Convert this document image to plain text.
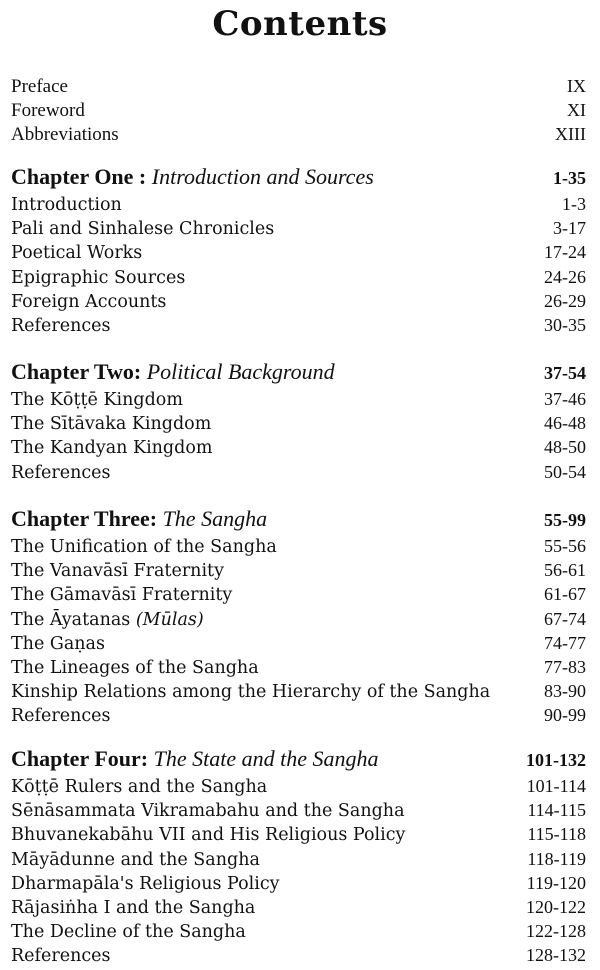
Contents
Preface	IX
Foreword	XI
Abbreviations	XIII
Chapter One : Introduction and Sources	1-35
Introduction	1-3
Pali and Sinhalese Chronicles	3-17
Poetical Works	17-24
Epigraphic Sources	24-26
Foreign Accounts	26-29
References	30-35
Chapter Two: Political Background	37-54
The Kōṭṭē Kingdom	37-46
The Sītāvaka Kingdom	46-48
The Kandyan Kingdom	48-50
References	50-54
Chapter Three: The Sangha	55-99
The Unification of the Sangha	55-56
The Vanavāsī Fraternity	56-61
The Gāmavāsī Fraternity	61-67
The Āyatanas (Mūlas)	67-74
The Gaṇas	74-77
The Lineages of the Sangha	77-83
Kinship Relations among the Hierarchy of the Sangha	83-90
References	90-99
Chapter Four: The State and the Sangha	101-132
Kōṭṭē Rulers and the Sangha	101-114
Sēnāsammata Vikramabahu and the Sangha	114-115
Bhuvanekabāhu VII and His Religious Policy	115-118
Māyādunne and the Sangha	118-119
Dharmapāla's Religious Policy	119-120
Rājasiṅha I and the Sangha	120-122
The Decline of the Sangha	122-128
References	128-132
